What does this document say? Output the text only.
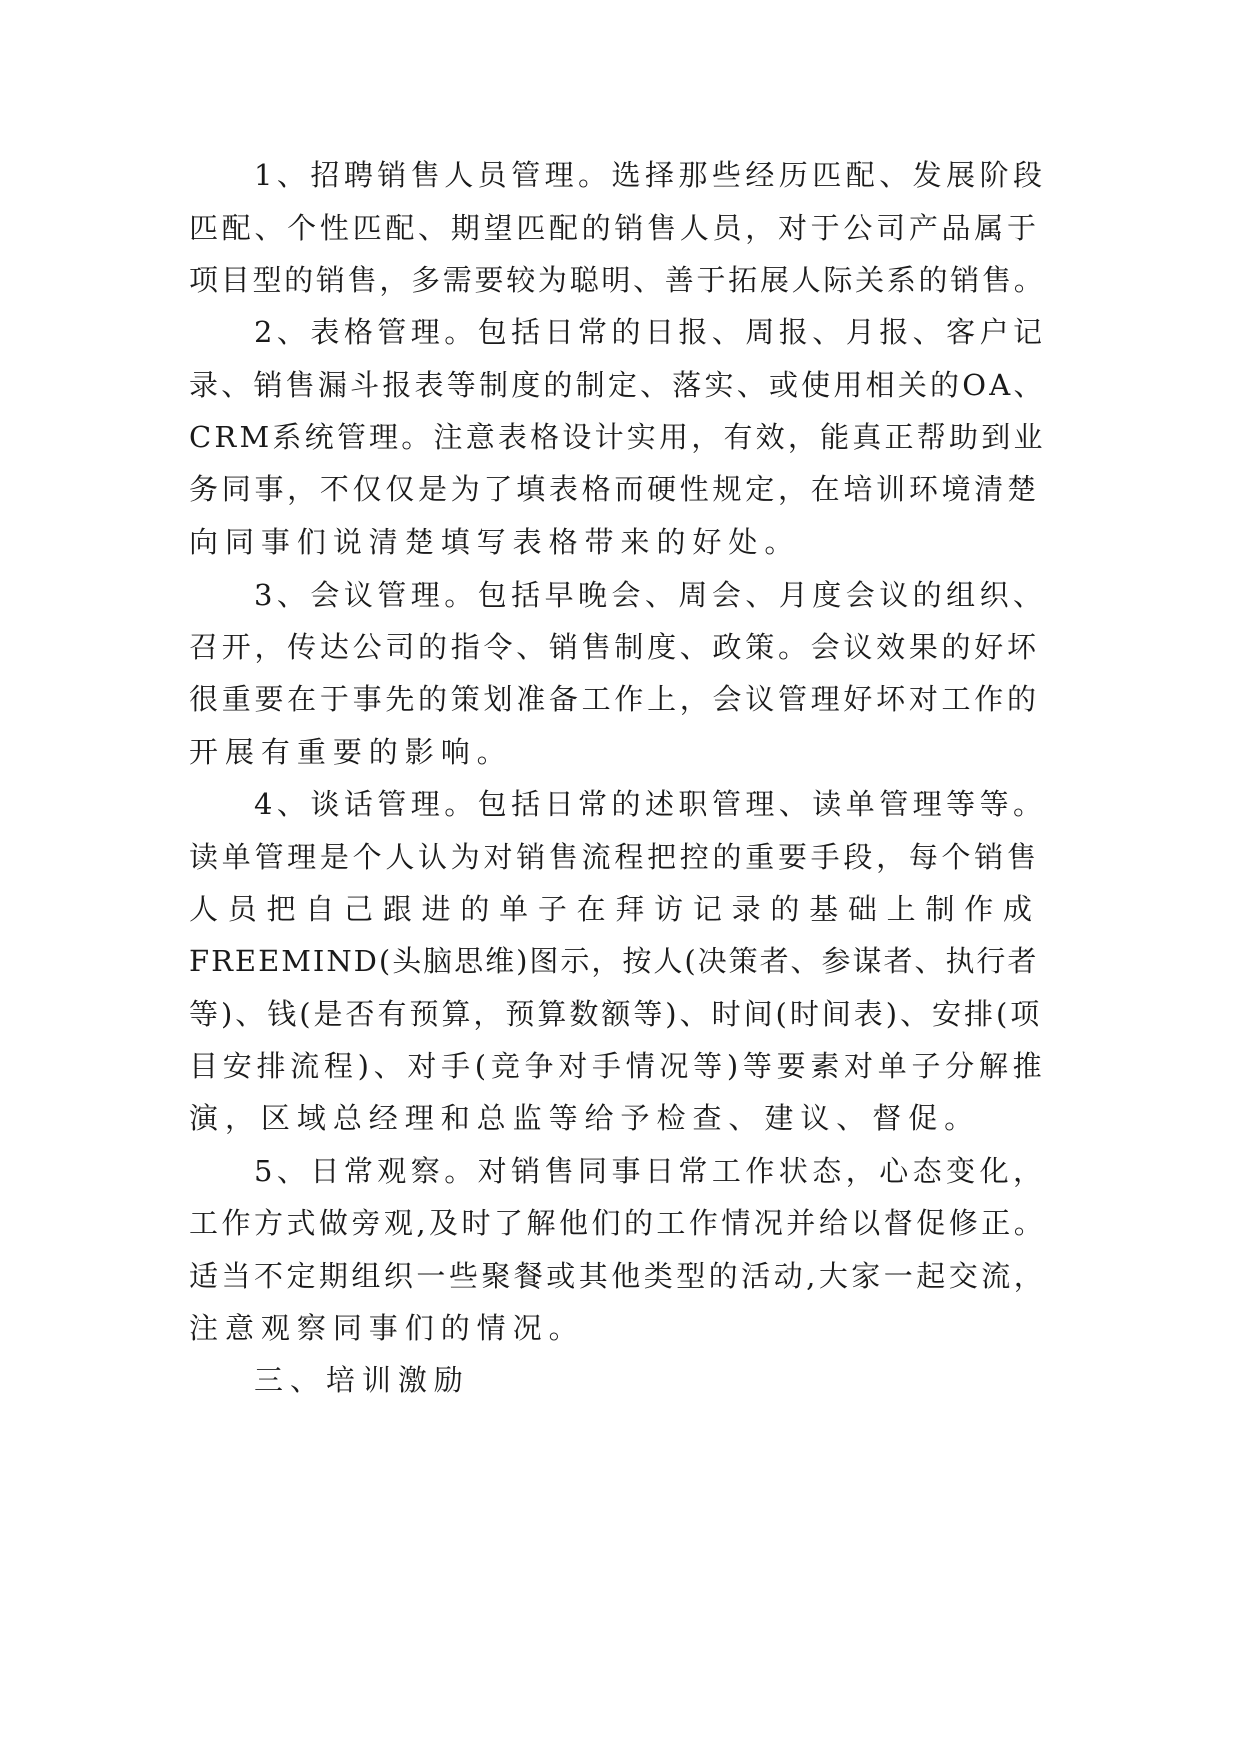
1、招聘销售人员管理。选择那些经历匹配、发展阶段
匹配、个性匹配、期望匹配的销售人员，对于公司产品属于
项目型的销售，多需要较为聪明、善于拓展人际关系的销售。
2、表格管理。包括日常的日报、周报、月报、客户记
录、销售漏斗报表等制度的制定、落实、或使用相关的OA、
CRM系统管理。注意表格设计实用，有效，能真正帮助到业
务同事，不仅仅是为了填表格而硬性规定，在培训环境清楚
向同事们说清楚填写表格带来的好处。
3、会议管理。包括早晚会、周会、月度会议的组织、
召开，传达公司的指令、销售制度、政策。会议效果的好坏
很重要在于事先的策划准备工作上，会议管理好坏对工作的
开展有重要的影响。
4、谈话管理。包括日常的述职管理、读单管理等等。
读单管理是个人认为对销售流程把控的重要手段，每个销售
人员把自己跟进的单子在拜访记录的基础上制作成
FREEMIND(头脑思维)图示，按人(决策者、参谋者、执行者
等)、钱(是否有预算，预算数额等)、时间(时间表)、安排(项
目安排流程)、对手(竞争对手情况等)等要素对单子分解推
演，区域总经理和总监等给予检查、建议、督促。
5、日常观察。对销售同事日常工作状态，心态变化，
工作方式做旁观,及时了解他们的工作情况并给以督促修正。
适当不定期组织一些聚餐或其他类型的活动,大家一起交流，
注意观察同事们的情况。
三、培训激励
